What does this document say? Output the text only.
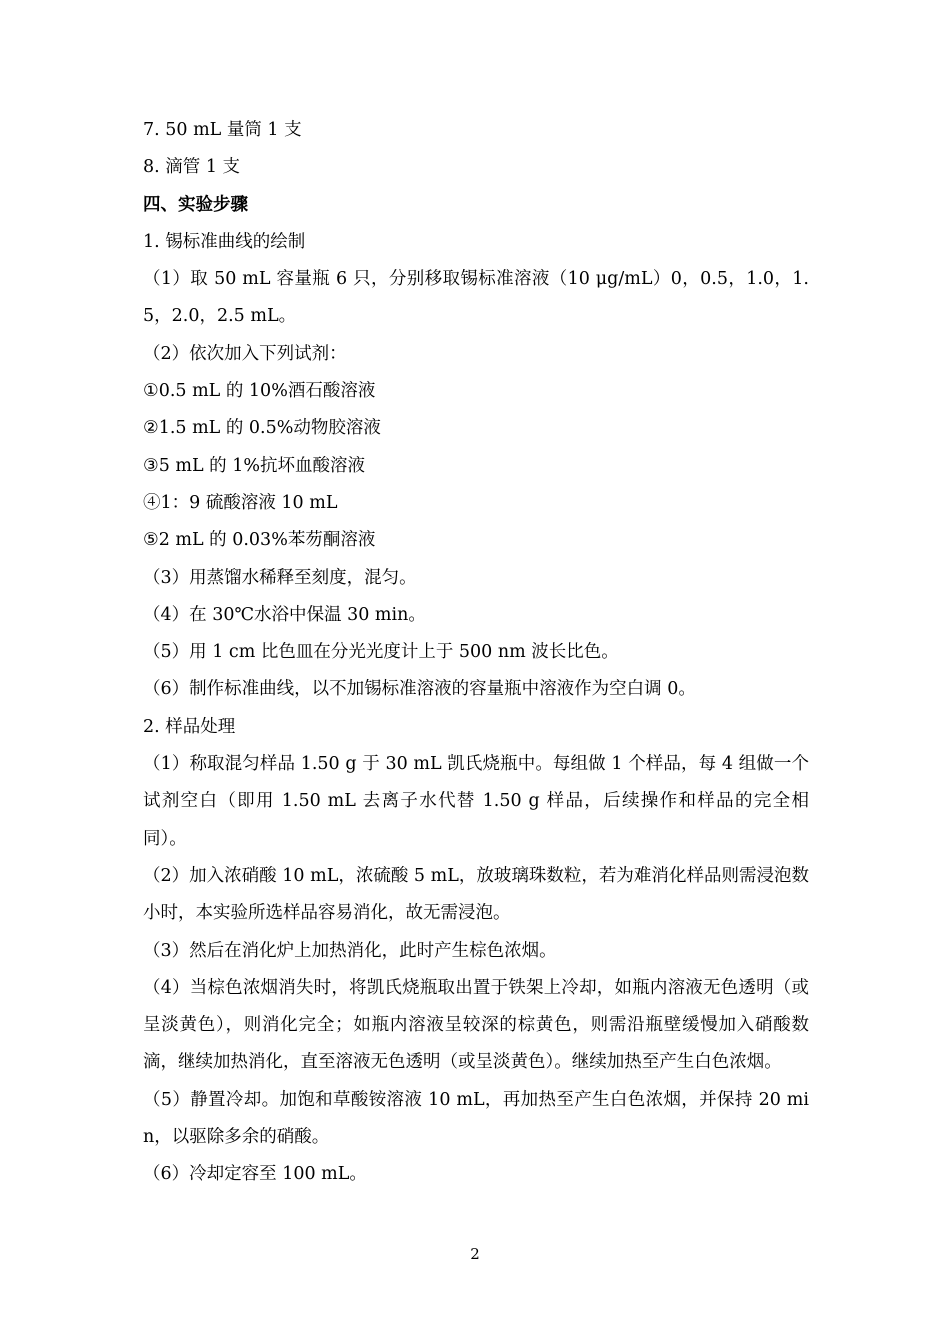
7. 50 mL 量筒 1 支
8. 滴管 1 支
四、实验步骤
1. 锡标准曲线的绘制
（1）取 50 mL 容量瓶 6 只，分别移取锡标准溶液（10 μg/mL）0，0.5，1.0，1.5，2.0，2.5 mL。
（2）依次加入下列试剂：
①0.5 mL 的 10%酒石酸溶液
②1.5 mL 的 0.5%动物胶溶液
③5 mL 的 1%抗坏血酸溶液
④1：9 硫酸溶液 10 mL
⑤2 mL 的 0.03%苯芴酮溶液
（3）用蒸馏水稀释至刻度，混匀。
（4）在 30℃水浴中保温 30 min。
（5）用 1 cm 比色皿在分光光度计上于 500 nm 波长比色。
（6）制作标准曲线，以不加锡标准溶液的容量瓶中溶液作为空白调 0。
2. 样品处理
（1）称取混匀样品 1.50 g 于 30 mL 凯氏烧瓶中。每组做 1 个样品，每 4 组做一个试剂空白（即用 1.50 mL 去离子水代替 1.50 g 样品，后续操作和样品的完全相同）。
（2）加入浓硝酸 10 mL，浓硫酸 5 mL，放玻璃珠数粒，若为难消化样品则需浸泡数小时，本实验所选样品容易消化，故无需浸泡。
（3）然后在消化炉上加热消化，此时产生棕色浓烟。
（4）当棕色浓烟消失时，将凯氏烧瓶取出置于铁架上冷却，如瓶内溶液无色透明（或呈淡黄色），则消化完全；如瓶内溶液呈较深的棕黄色，则需沿瓶壁缓慢加入硝酸数滴，继续加热消化，直至溶液无色透明（或呈淡黄色）。继续加热至产生白色浓烟。
（5）静置冷却。加饱和草酸铵溶液 10 mL，再加热至产生白色浓烟，并保持 20 min，以驱除多余的硝酸。
（6）冷却定容至 100 mL。
2
